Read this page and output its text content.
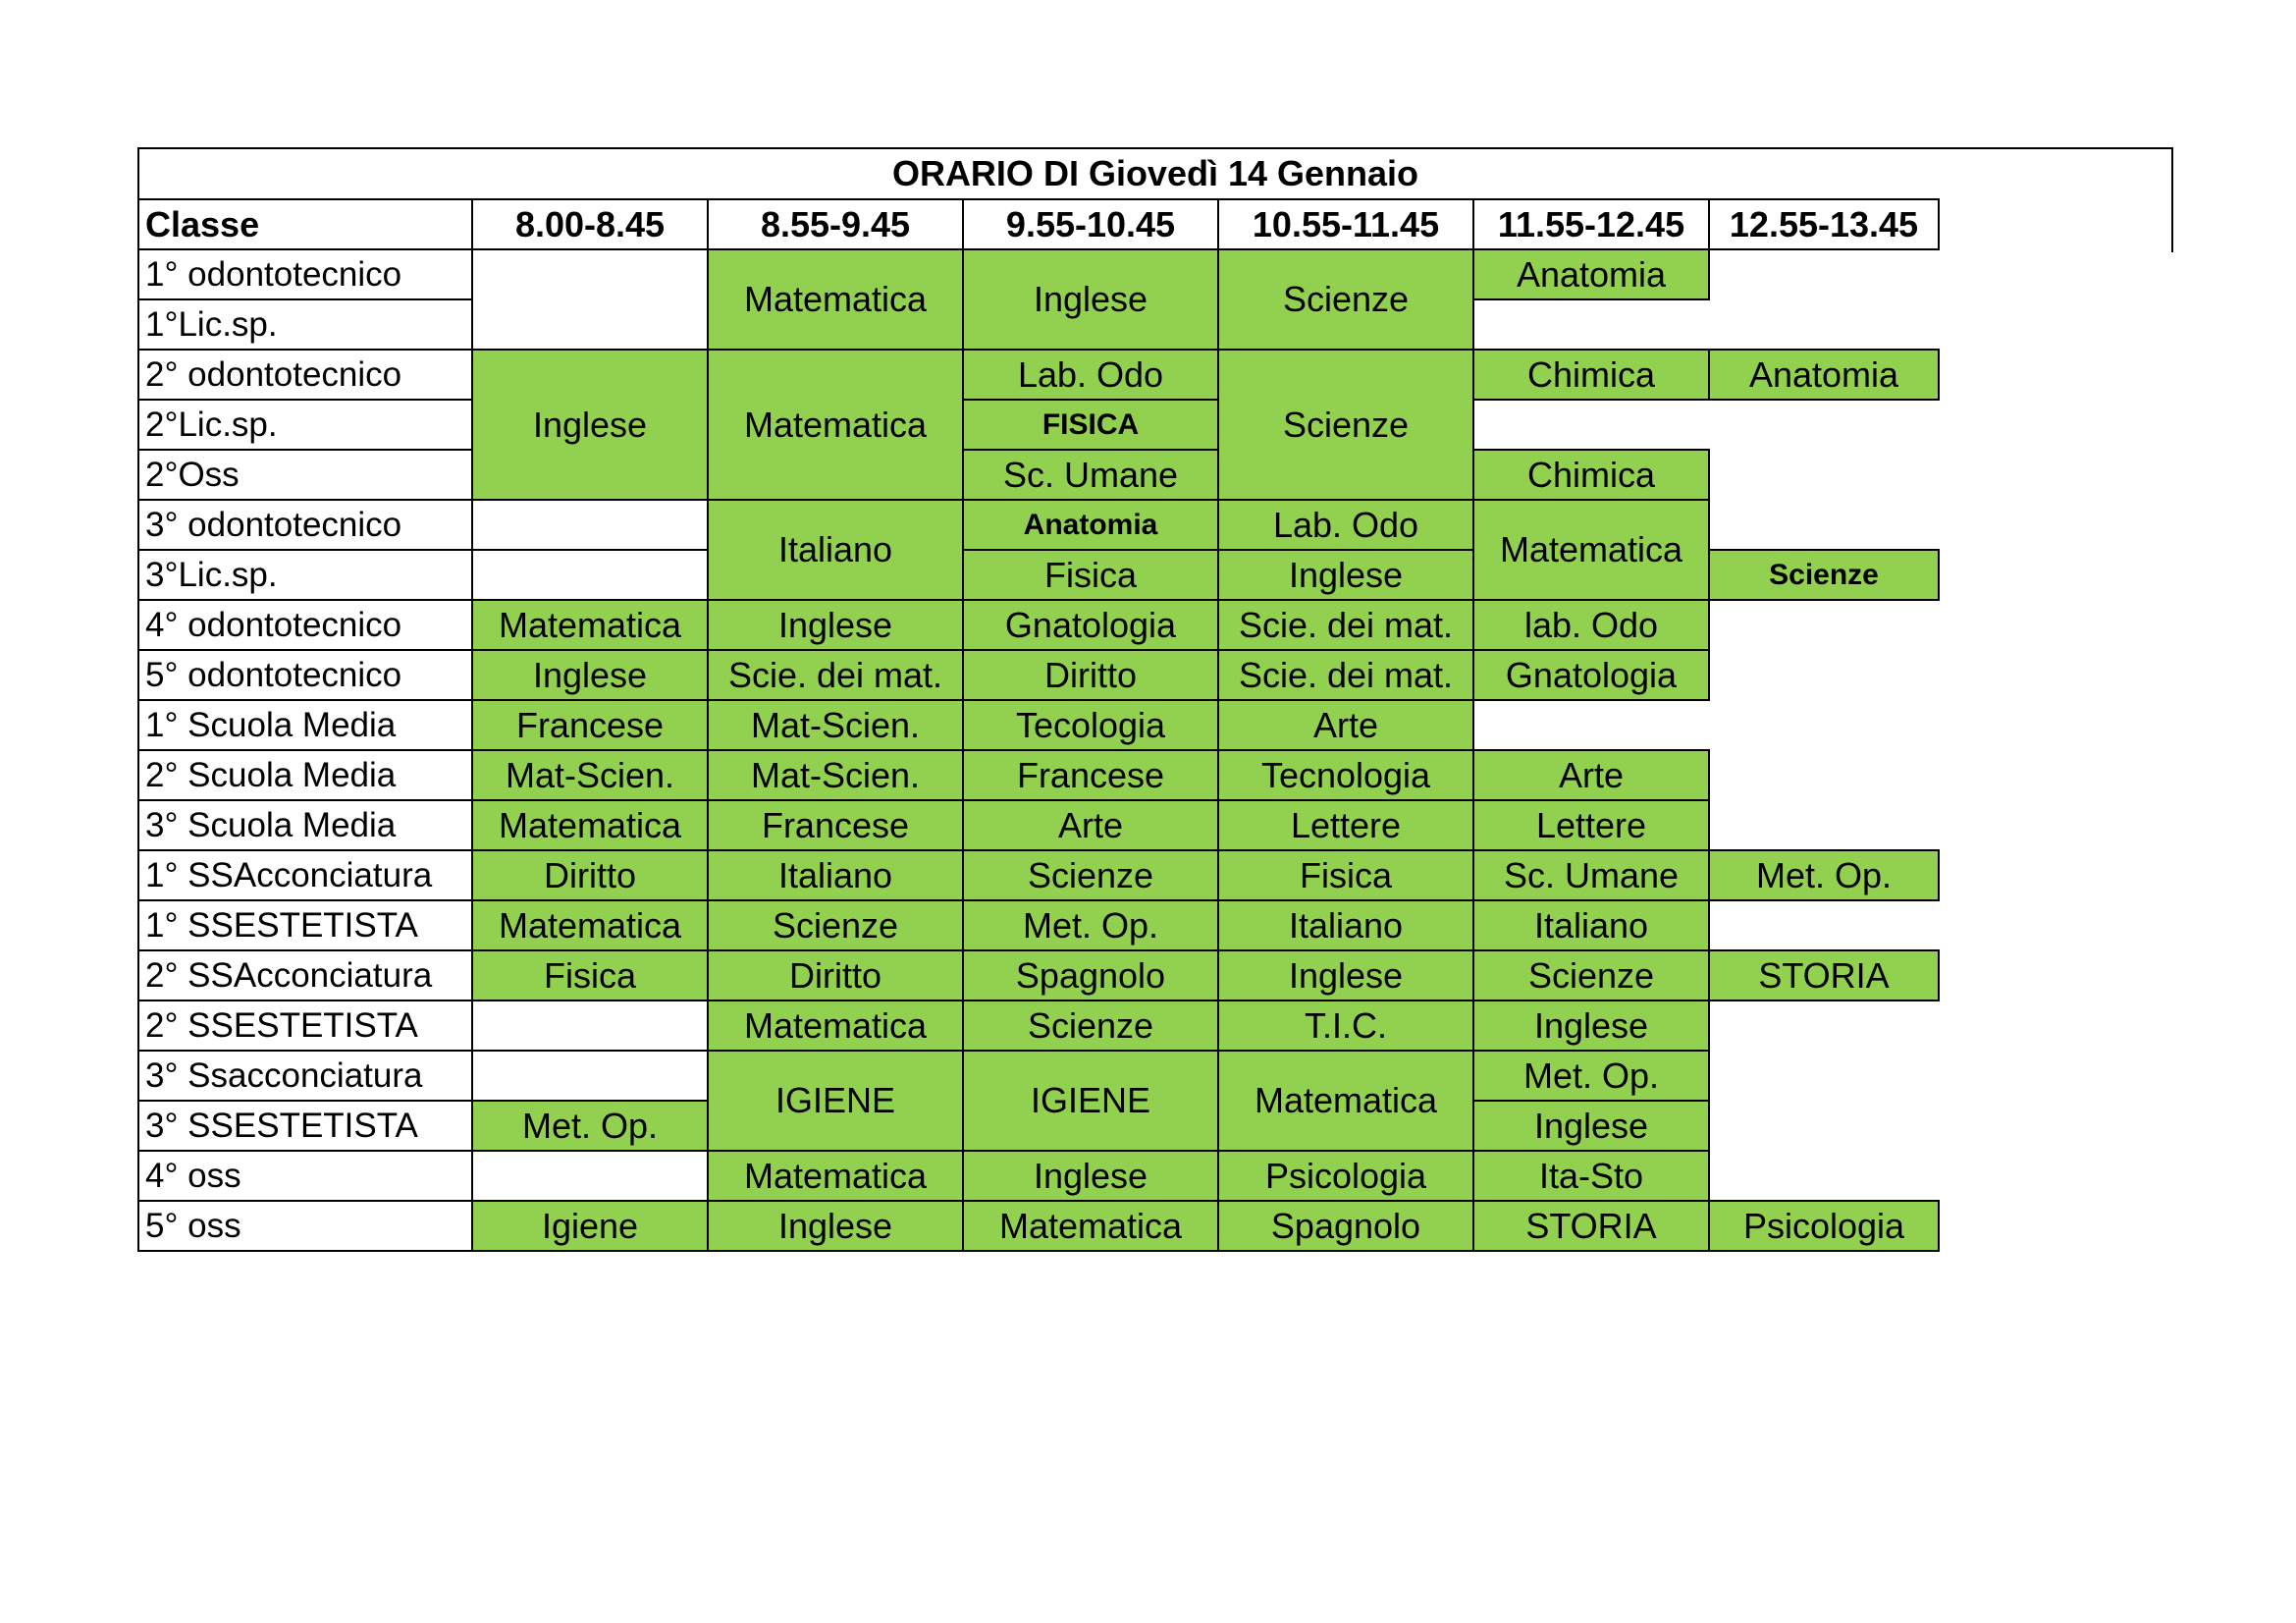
ORARIO DI Giovedì 14 Gennaio
Classe	8.00-8.45	8.55-9.45	9.55-10.45	10.55-11.45	11.55-12.45	12.55-13.45
1° odontotecnico		Matematica	Inglese	Scienze	Anatomia	
1°Lic.sp.						
2° odontotecnico	Inglese	Matematica	Lab. Odo	Scienze	Chimica	Anatomia
2°Lic.sp.			FISICA			
2°Oss			Sc. Umane		Chimica	
3° odontotecnico		Italiano	Anatomia	Lab. Odo	Matematica	
3°Lic.sp.			Fisica	Inglese		Scienze
4° odontotecnico	Matematica	Inglese	Gnatologia	Scie. dei mat.	lab. Odo	
5° odontotecnico	Inglese	Scie. dei mat.	Diritto	Scie. dei mat.	Gnatologia	
1° Scuola Media	Francese	Mat-Scien.	Tecologia	Arte		
2° Scuola Media	Mat-Scien.	Mat-Scien.	Francese	Tecnologia	Arte	
3° Scuola Media	Matematica	Francese	Arte	Lettere	Lettere	
1° SSAcconciatura	Diritto	Italiano	Scienze	Fisica	Sc. Umane	Met. Op.
1° SSESTETISTA	Matematica	Scienze	Met. Op.	Italiano	Italiano	
2° SSAcconciatura	Fisica	Diritto	Spagnolo	Inglese	Scienze	STORIA
2° SSESTETISTA		Matematica	Scienze	T.I.C.	Inglese	
3° Ssacconciatura		IGIENE	IGIENE	Matematica	Met. Op.	
3° SSESTETISTA	Met. Op.				Inglese	
4° oss		Matematica	Inglese	Psicologia	Ita-Sto	
5° oss	Igiene	Inglese	Matematica	Spagnolo	STORIA	Psicologia
